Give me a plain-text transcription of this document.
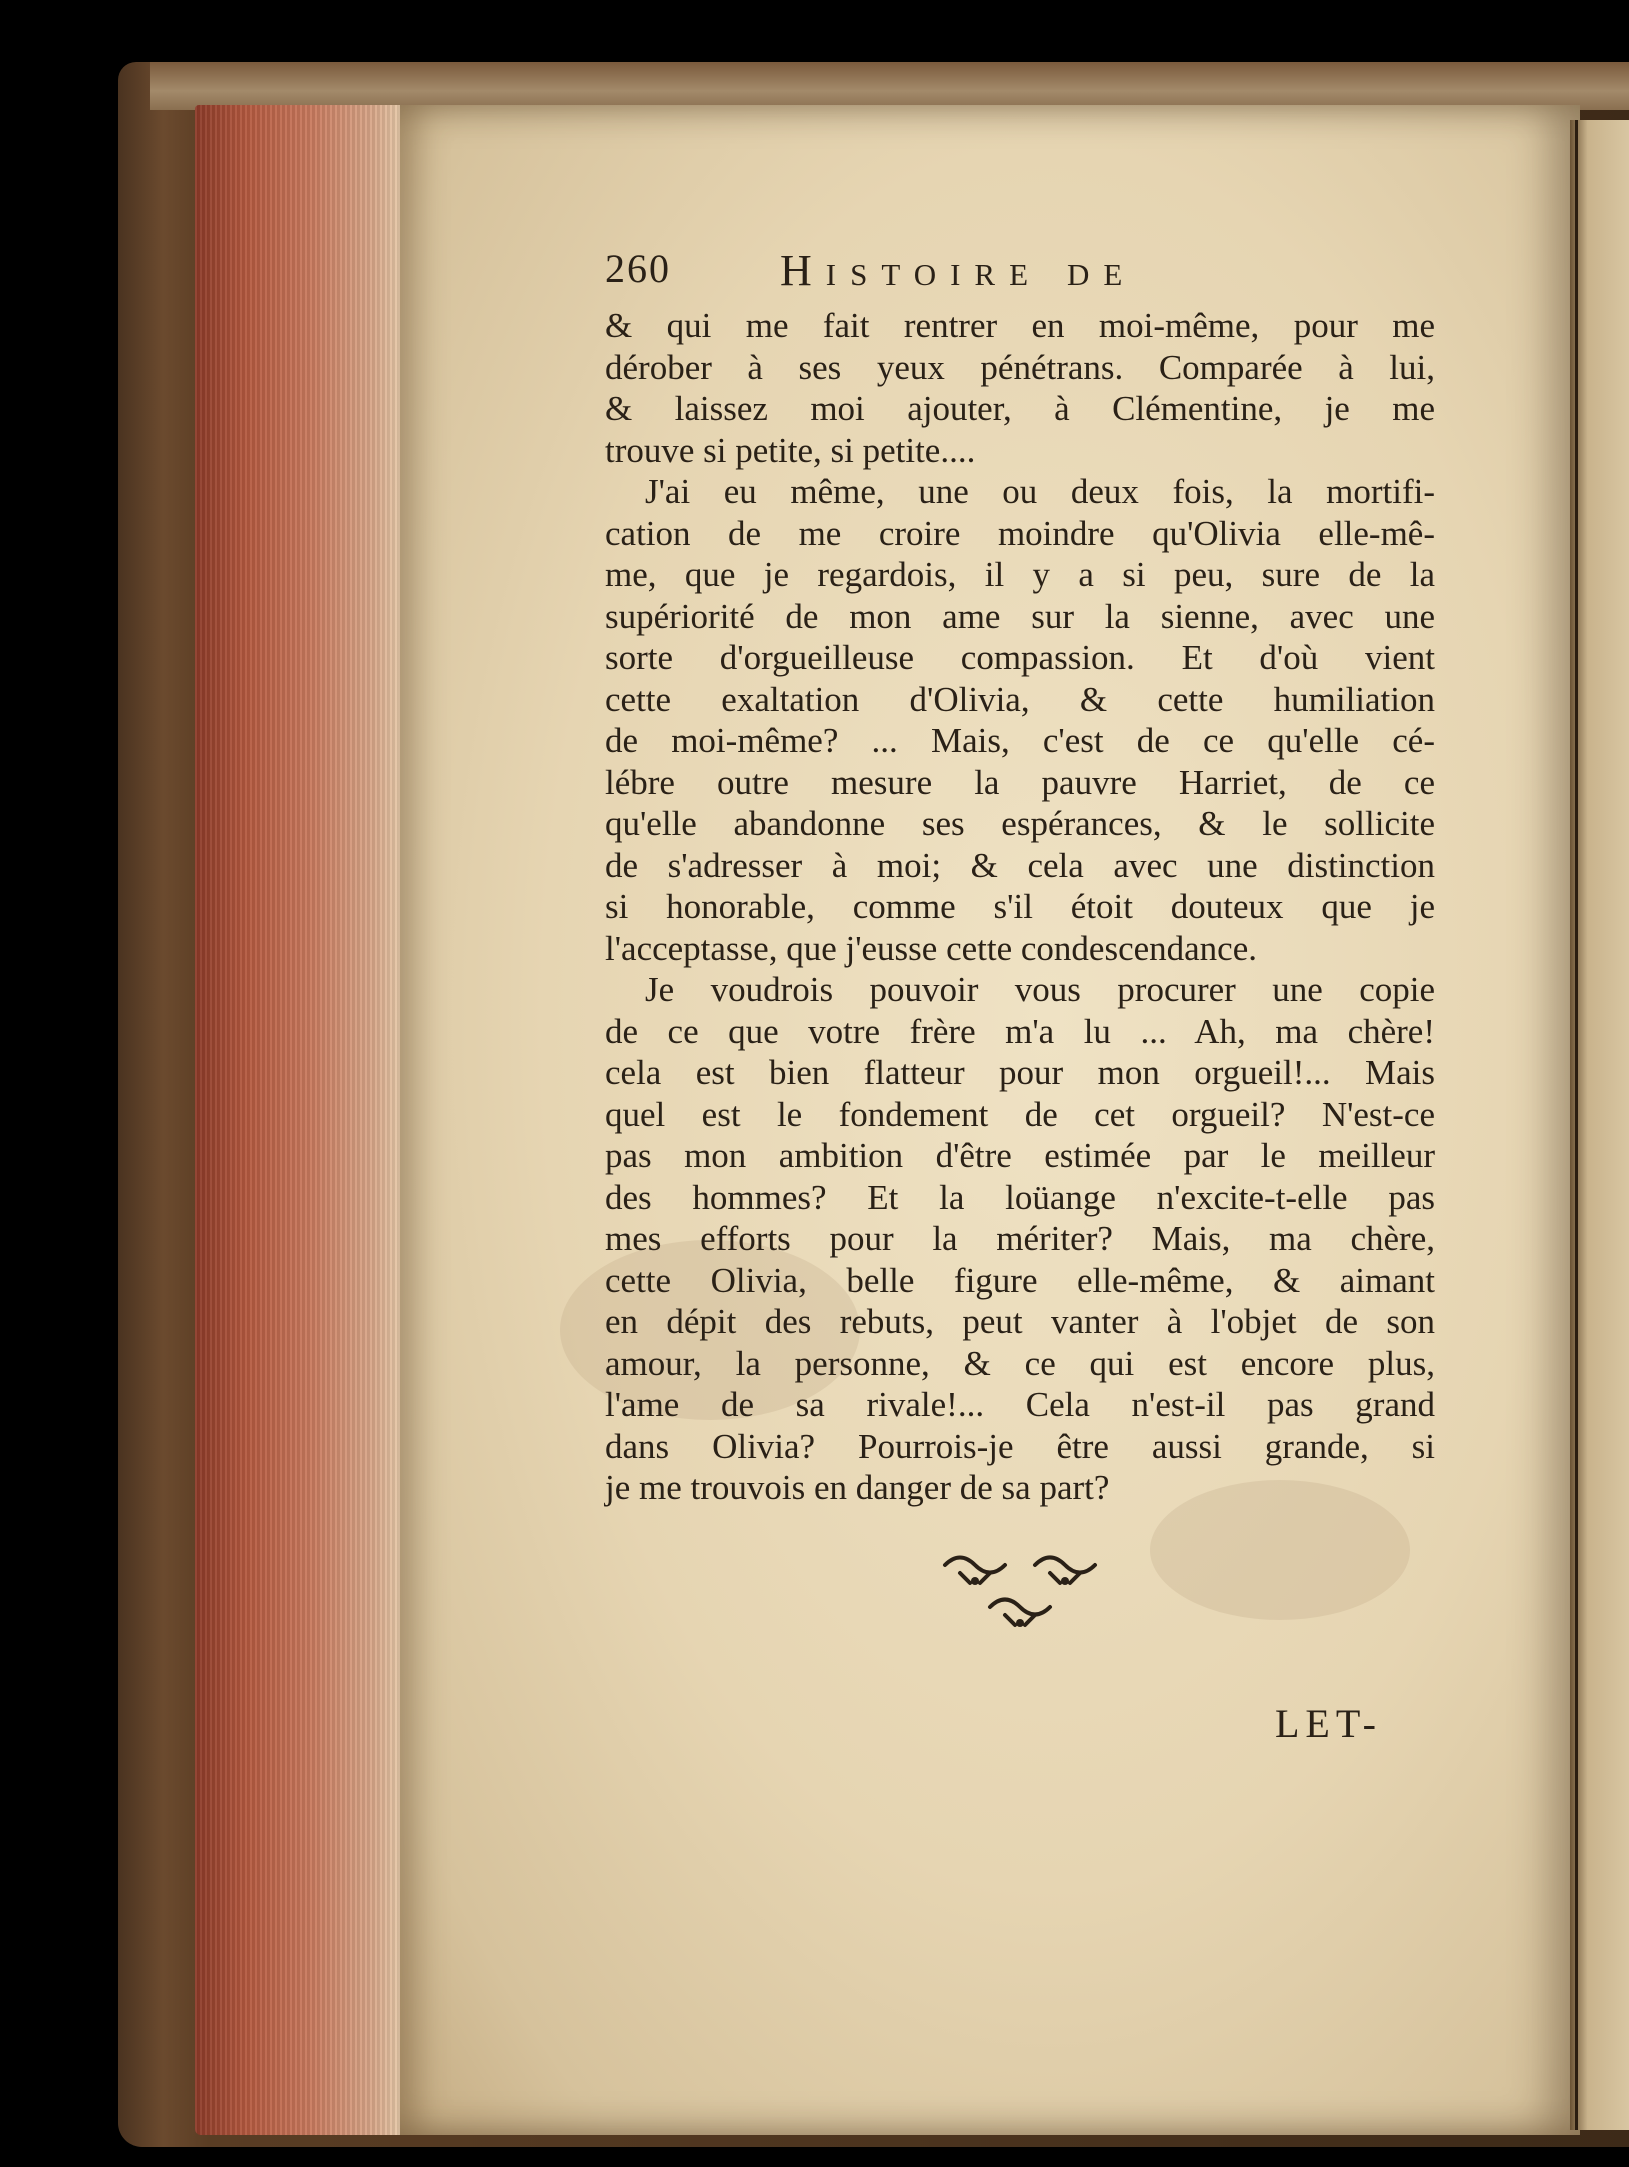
260 Histoire de
& qui me fait rentrer en moi-même, pour me
dérober à ses yeux pénétrans. Comparée à lui,
& laissez moi ajouter, à Clémentine, je me
trouve si petite, si petite....
J'ai eu même, une ou deux fois, la mortifi-
cation de me croire moindre qu'Olivia elle-mê-
me, que je regardois, il y a si peu, sure de la
supériorité de mon ame sur la sienne, avec une
sorte d'orgueilleuse compassion. Et d'où vient
cette exaltation d'Olivia, & cette humiliation
de moi-même? ... Mais, c'est de ce qu'elle cé-
lébre outre mesure la pauvre Harriet, de ce
qu'elle abandonne ses espérances, & le sollicite
de s'adresser à moi; & cela avec une distinction
si honorable, comme s'il étoit douteux que je
l'acceptasse, que j'eusse cette condescendance.
Je voudrois pouvoir vous procurer une copie
de ce que votre frère m'a lu ... Ah, ma chère!
cela est bien flatteur pour mon orgueil!... Mais
quel est le fondement de cet orgueil? N'est-ce
pas mon ambition d'être estimée par le meilleur
des hommes? Et la loüange n'excite-t-elle pas
mes efforts pour la mériter? Mais, ma chère,
cette Olivia, belle figure elle-même, & aimant
en dépit des rebuts, peut vanter à l'objet de son
amour, la personne, & ce qui est encore plus,
l'ame de sa rivale!... Cela n'est-il pas grand
dans Olivia? Pourrois-je être aussi grande, si
je me trouvois en danger de sa part?
LET-
